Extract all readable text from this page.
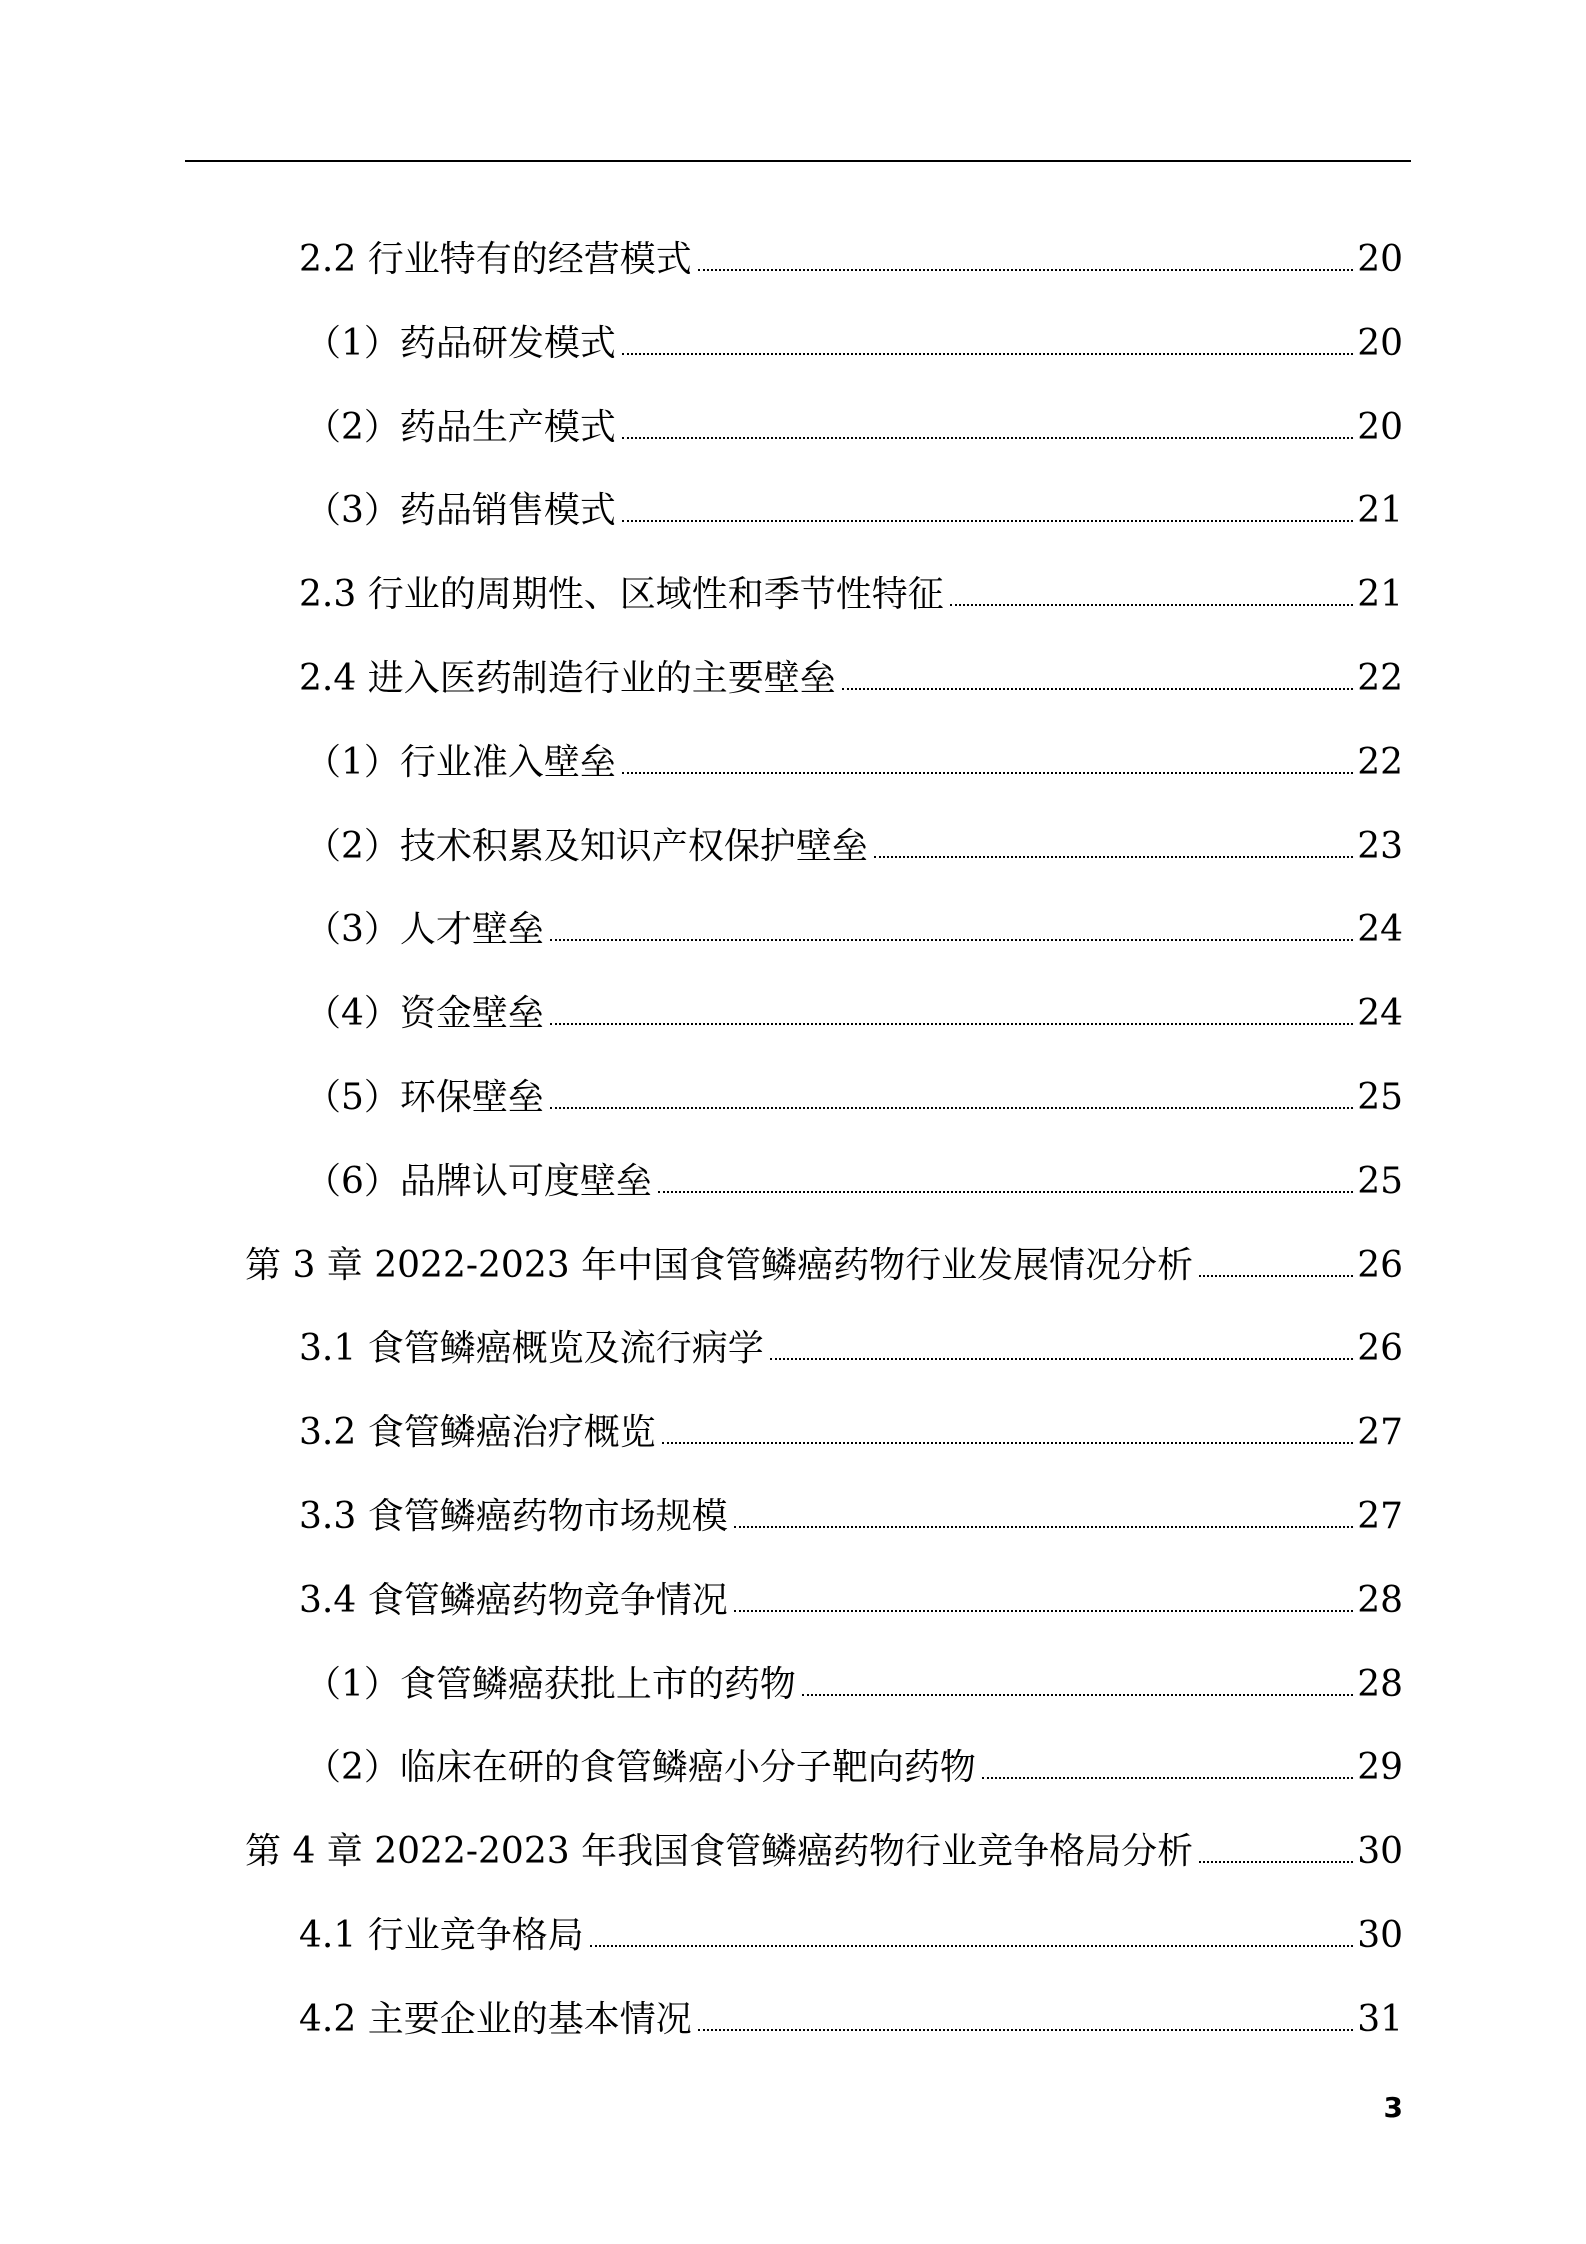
2.2 行业特有的经营模式	20
（1）药品研发模式	20
（2）药品生产模式	20
（3）药品销售模式	21
2.3 行业的周期性、区域性和季节性特征	21
2.4 进入医药制造行业的主要壁垒	22
（1）行业准入壁垒	22
（2）技术积累及知识产权保护壁垒	23
（3）人才壁垒	24
（4）资金壁垒	24
（5）环保壁垒	25
（6）品牌认可度壁垒	25
第 3 章 2022-2023 年中国食管鳞癌药物行业发展情况分析	26
3.1 食管鳞癌概览及流行病学	26
3.2 食管鳞癌治疗概览	27
3.3 食管鳞癌药物市场规模	27
3.4 食管鳞癌药物竞争情况	28
（1）食管鳞癌获批上市的药物	28
（2）临床在研的食管鳞癌小分子靶向药物	29
第 4 章 2022-2023 年我国食管鳞癌药物行业竞争格局分析	30
4.1 行业竞争格局	30
4.2 主要企业的基本情况	31
3
